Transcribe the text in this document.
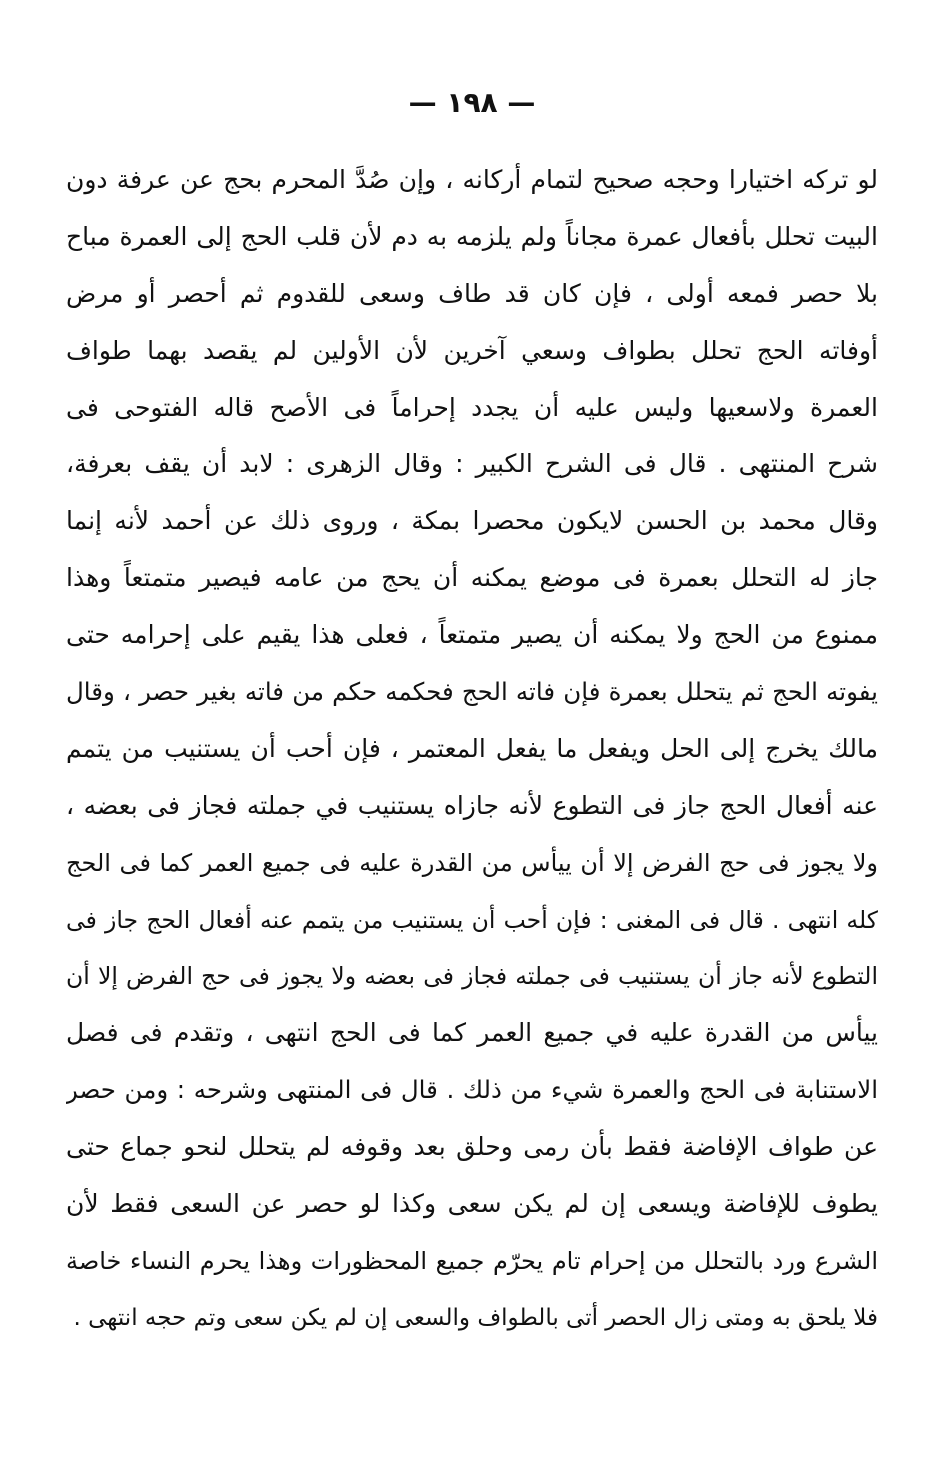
— ١٩٨ —
لو تركه اختيارا وحجه صحيح لتمام أركانه ، وإن صُدَّ المحرم بحج عن عرفة دون
البيت تحلل بأفعال عمرة مجاناً ولم يلزمه به دم لأن قلب الحج إلى العمرة مباح
بلا حصر فمعه أولى ، فإن كان قد طاف وسعى للقدوم ثم أحصر أو مرض
أوفاته الحج تحلل بطواف وسعي آخرين لأن الأولين لم يقصد بهما طواف
العمرة ولاسعيها وليس عليه أن يجدد إحراماً فى الأصح قاله الفتوحى فى
شرح المنتهى . قال فى الشرح الكبير : وقال الزهرى : لابد أن يقف بعرفة،
وقال محمد بن الحسن لايكون محصرا بمكة ، وروى ذلك عن أحمد لأنه إنما
جاز له التحلل بعمرة فى موضع يمكنه أن يحج من عامه فيصير متمتعاً وهذا
ممنوع من الحج ولا يمكنه أن يصير متمتعاً ، فعلى هذا يقيم على إحرامه حتى
يفوته الحج ثم يتحلل بعمرة فإن فاته الحج فحكمه حكم من فاته بغير حصر ، وقال
مالك يخرج إلى الحل ويفعل ما يفعل المعتمر ، فإن أحب أن يستنيب من يتمم
عنه أفعال الحج جاز فى التطوع لأنه جازاه يستنيب في جملته فجاز فى بعضه ،
ولا يجوز فى حج الفرض إلا أن ييأس من القدرة عليه فى جميع العمر كما فى الحج
كله انتهى . قال فى المغنى : فإن أحب أن يستنيب من يتمم عنه أفعال الحج جاز فى
التطوع لأنه جاز أن يستنيب فى جملته فجاز فى بعضه ولا يجوز فى حج الفرض إلا أن
ييأس من القدرة عليه في جميع العمر كما فى الحج انتهى ، وتقدم فى فصل
الاستنابة فى الحج والعمرة شيء من ذلك . قال فى المنتهى وشرحه : ومن حصر
عن طواف الإفاضة فقط بأن رمى وحلق بعد وقوفه لم يتحلل لنحو جماع حتى
يطوف للإفاضة ويسعى إن لم يكن سعى وكذا لو حصر عن السعى فقط لأن
الشرع ورد بالتحلل من إحرام تام يحرّم جميع المحظورات وهذا يحرم النساء خاصة
فلا يلحق به ومتى زال الحصر أتى بالطواف والسعى إن لم يكن سعى وتم حجه انتهى .
